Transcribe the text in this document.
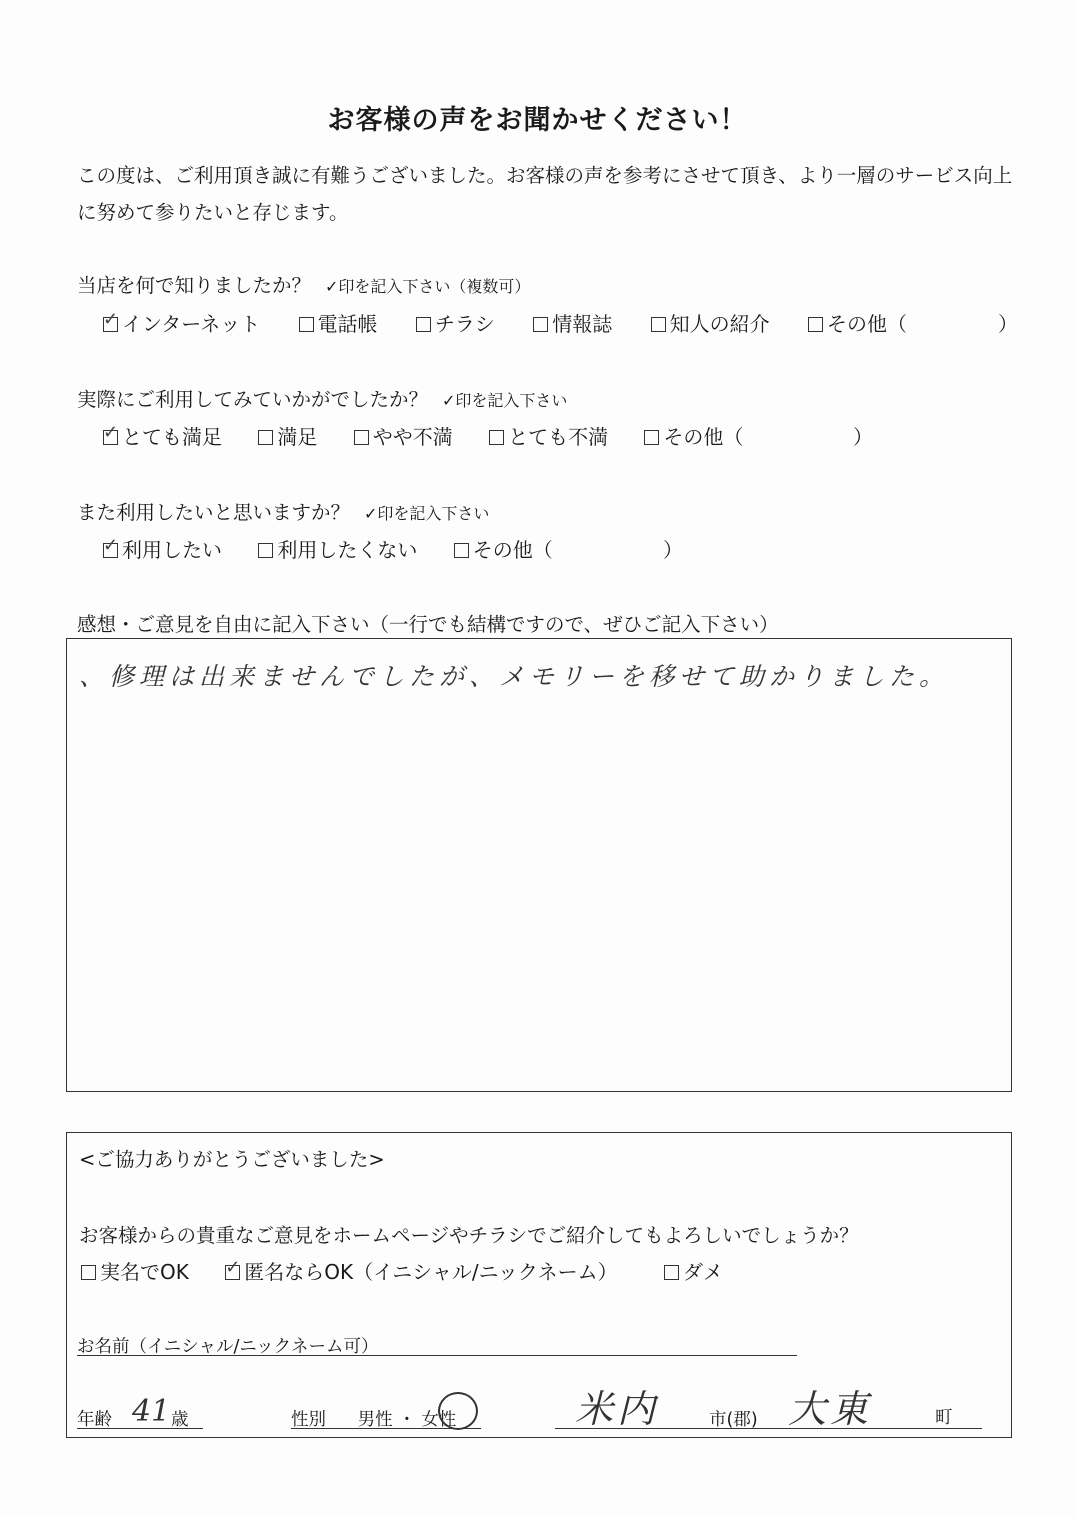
お客様の声をお聞かせください！
この度は、ご利用頂き誠に有難うございました。お客様の声を参考にさせて頂き、より一層のサービス向上に努めて参りたいと存じます。
当店を何で知りましたか？ ✓印を記入下さい（複数可）
✓ インターネット	電話帳	チラシ	情報誌	知人の紹介	その他（	）
実際にご利用してみていかがでしたか？ ✓印を記入下さい
✓ とても満足	満足	やや不満	とても不満	その他（	）
また利用したいと思いますか？ ✓印を記入下さい
✓ 利用したい	利用したくない	その他（	）
感想・ご意見を自由に記入下さい（一行でも結構ですので、ぜひご記入下さい）
、修理は出来ませんでしたが、メモリーを移せて助かりました。
<ご協力ありがとうございました>
お客様からの貴重なご意見をホームページやチラシでご紹介してもよろしいでしょうか？
実名でOK ✓ 匿名ならOK（イニシャル/ニックネーム）	ダメ
お名前（イニシャル/ニックネーム可）
年齢 41 歳	性別 男性 ・ 女性	米内	市(郡) 大東	町
